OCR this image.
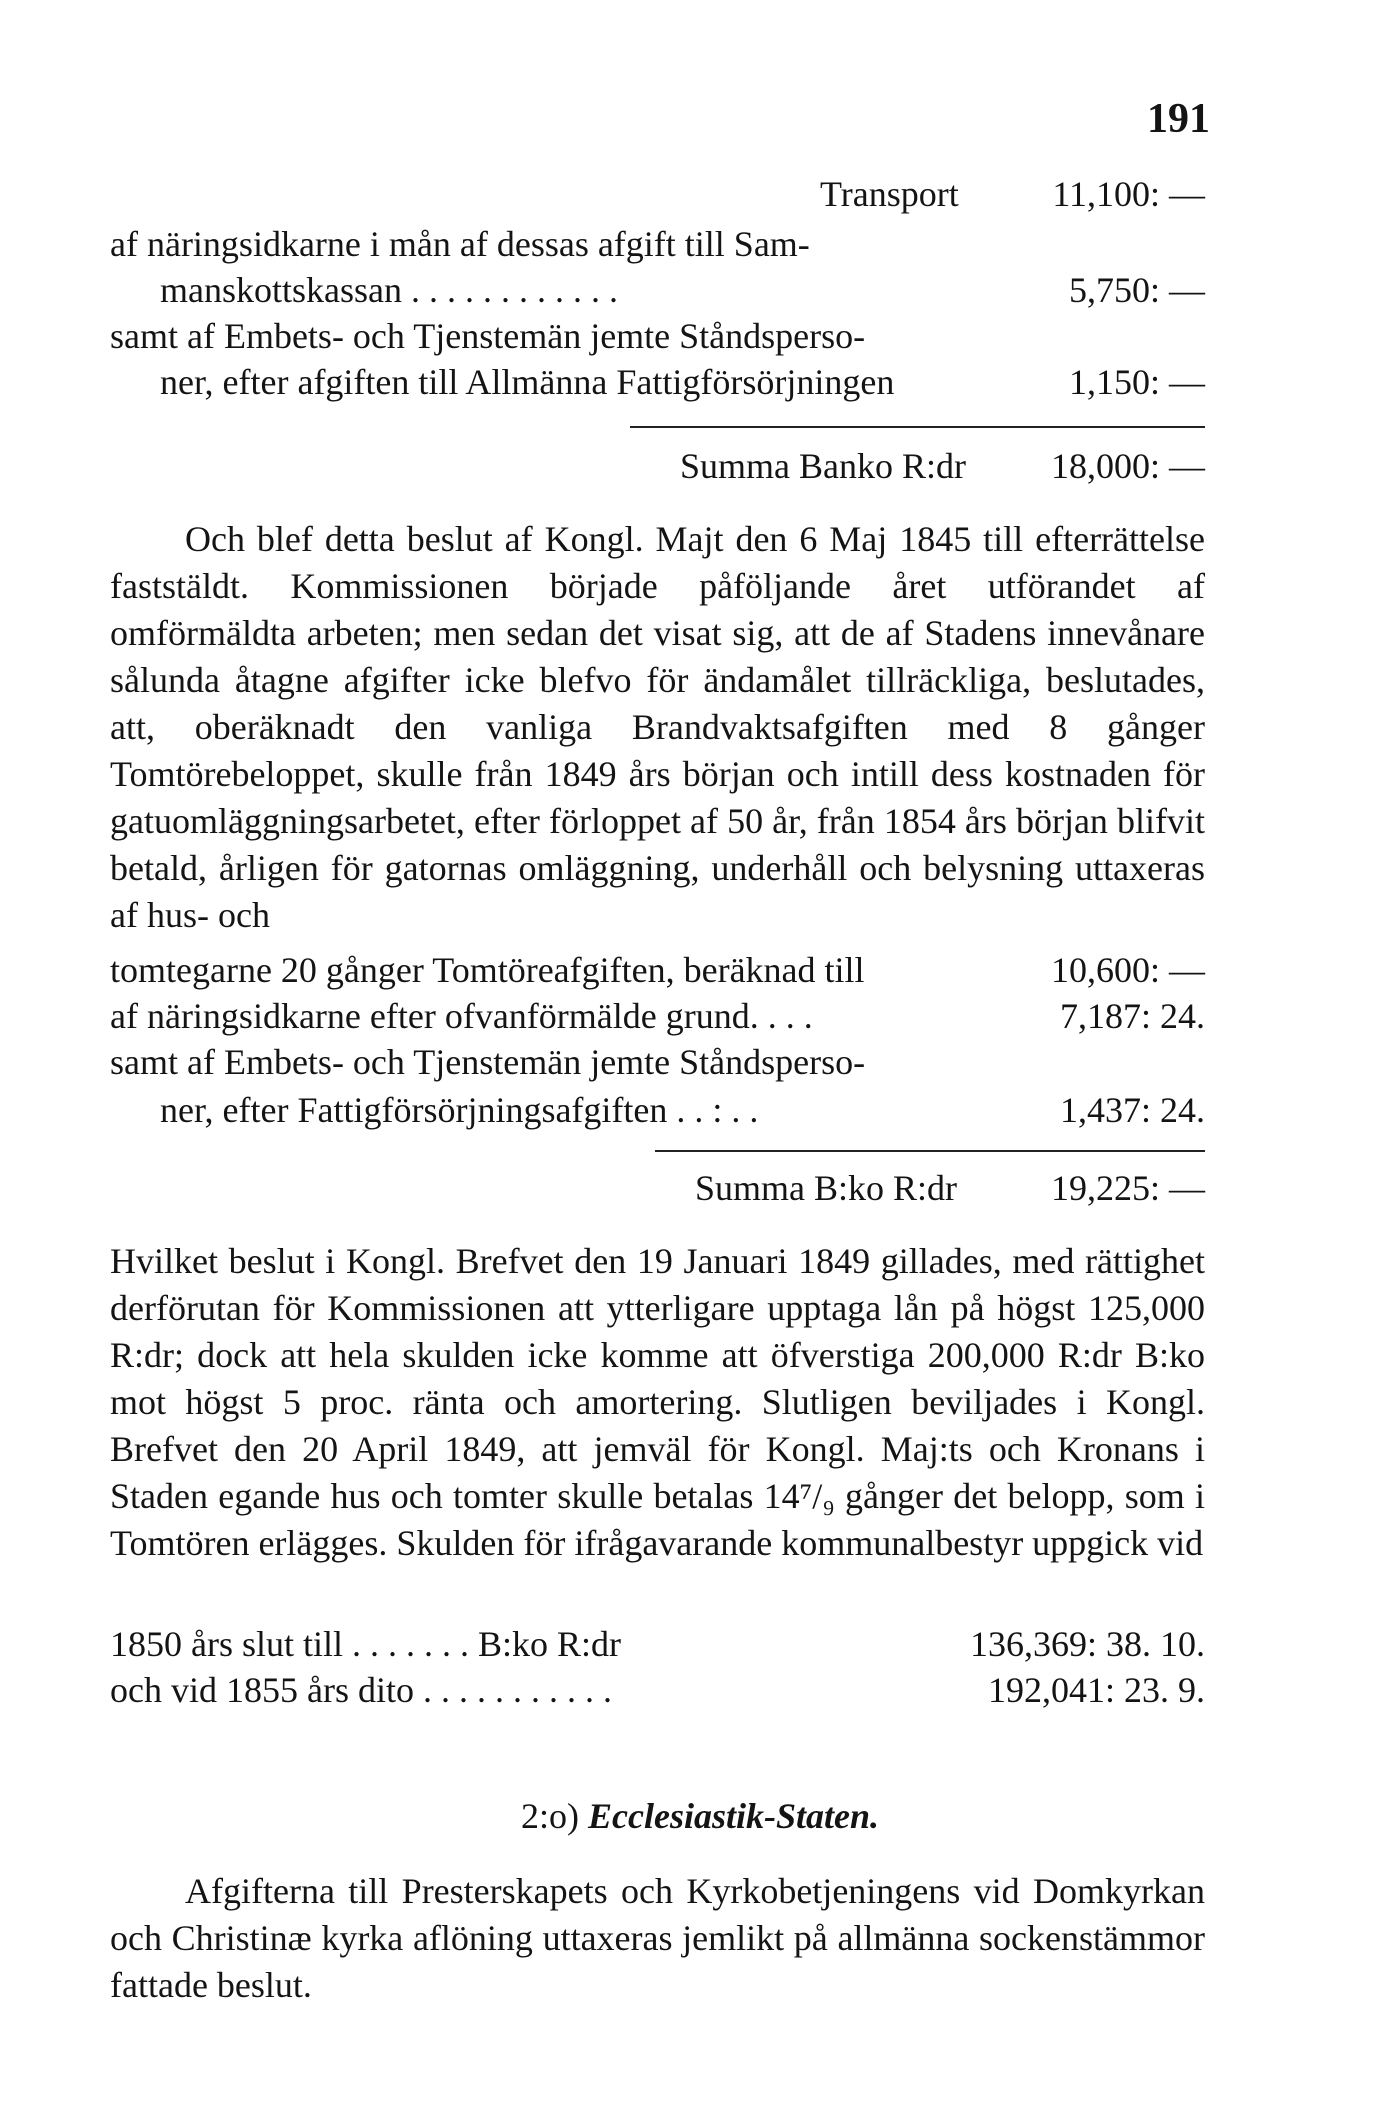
191
Transport	11,100: —
af näringsidkarne i mån af dessas afgift till Sam-
manskottskassan . . . . . . . . . . . .	5,750: —
samt af Embets- och Tjenstemän jemte Ståndsperso-
ner, efter afgiften till Allmänna Fattigförsörjningen	1,150: —
Summa Banko R:dr 18,000: —
Och blef detta beslut af Kongl. Majt den 6 Maj 1845 till efterrättelse faststäldt. Kommissionen började påföljande året utförandet af omförmäldta arbeten; men sedan det visat sig, att de af Stadens innevånare sålunda åtagne afgifter icke blefvo för ändamålet tillräckliga, beslutades, att, oberäknadt den vanliga Brandvaktsafgiften med 8 gånger Tomtörebeloppet, skulle från 1849 års början och intill dess kostnaden för gatuomläggningsarbetet, efter förloppet af 50 år, från 1854 års början blifvit betald, årligen för gatornas omläggning, underhåll och belysning uttaxeras af hus- och
tomtegarne 20 gånger Tomtöreafgiften, beräknad till	10,600: —
af näringsidkarne efter ofvanförmälde grund. . . .	7,187: 24.
samt af Embets- och Tjenstemän jemte Ståndsperso-
ner, efter Fattigförsörjningsafgiften . . : . .	1,437: 24.
Summa B:ko R:dr	19,225: —
Hvilket beslut i Kongl. Brefvet den 19 Januari 1849 gillades, med rättighet derförutan för Kommissionen att ytterligare upptaga lån på högst 125,000 R:dr; dock att hela skulden icke komme att öfverstiga 200,000 R:dr B:ko mot högst 5 proc. ränta och amortering. Slutligen beviljades i Kongl. Brefvet den 20 April 1849, att jemväl för Kongl. Maj:ts och Kronans i Staden egande hus och tomter skulle betalas 14⁷/₉ gånger det belopp, som i Tomtören erlägges. Skulden för ifrågavarande kommunalbestyr uppgick vid
1850 års slut till . . . . . . . B:ko R:dr	136,369: 38. 10.
och vid 1855 års dito . . . . . . . . . . .	192,041: 23. 9.
2:o) Ecclesiastik-Staten.
Afgifterna till Presterskapets och Kyrkobetjeningens vid Domkyrkan och Christinæ kyrka aflöning uttaxeras jemlikt på allmänna sockenstämmor fattade beslut.
